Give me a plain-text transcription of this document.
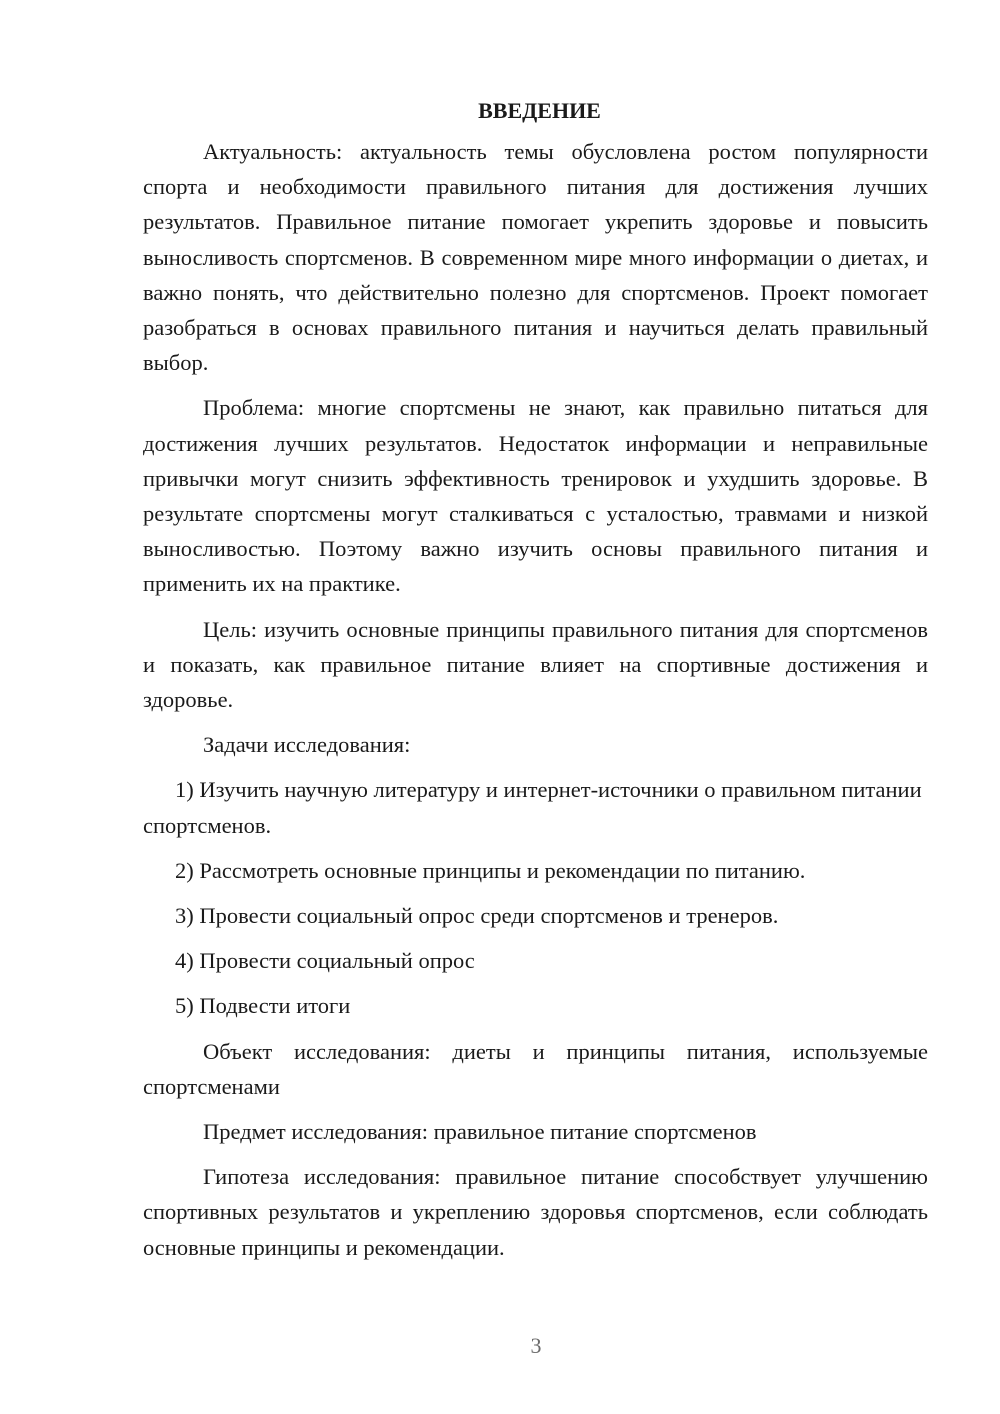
ВВЕДЕНИЕ

Актуальность: актуальность темы обусловлена ростом популярности спорта и необходимости правильного питания для достижения лучших результатов. Правильное питание помогает укрепить здоровье и повысить выносливость спортсменов. В современном мире много информации о диетах, и важно понять, что действительно полезно для спортсменов. Проект помогает разобраться в основах правильного питания и научиться делать правильный выбор.

Проблема: многие спортсмены не знают, как правильно питаться для достижения лучших результатов. Недостаток информации и неправильные привычки могут снизить эффективность тренировок и ухудшить здоровье. В результате спортсмены могут сталкиваться с усталостью, травмами и низкой выносливостью. Поэтому важно изучить основы правильного питания и применить их на практике.

Цель: изучить основные принципы правильного питания для спортсменов и показать, как правильное питание влияет на спортивные достижения и здоровье.

Задачи исследования:

1) Изучить научную литературу и интернет-источники о правильном питании спортсменов.

2) Рассмотреть основные принципы и рекомендации по питанию.

3) Провести социальный опрос среди спортсменов и тренеров.

4) Провести социальный опрос

5) Подвести итоги

Объект исследования: диеты и принципы питания, используемые спортсменами

Предмет исследования: правильное питание спортсменов

Гипотеза исследования: правильное питание способствует улучшению спортивных результатов и укреплению здоровья спортсменов, если соблюдать основные принципы и рекомендации.

3
